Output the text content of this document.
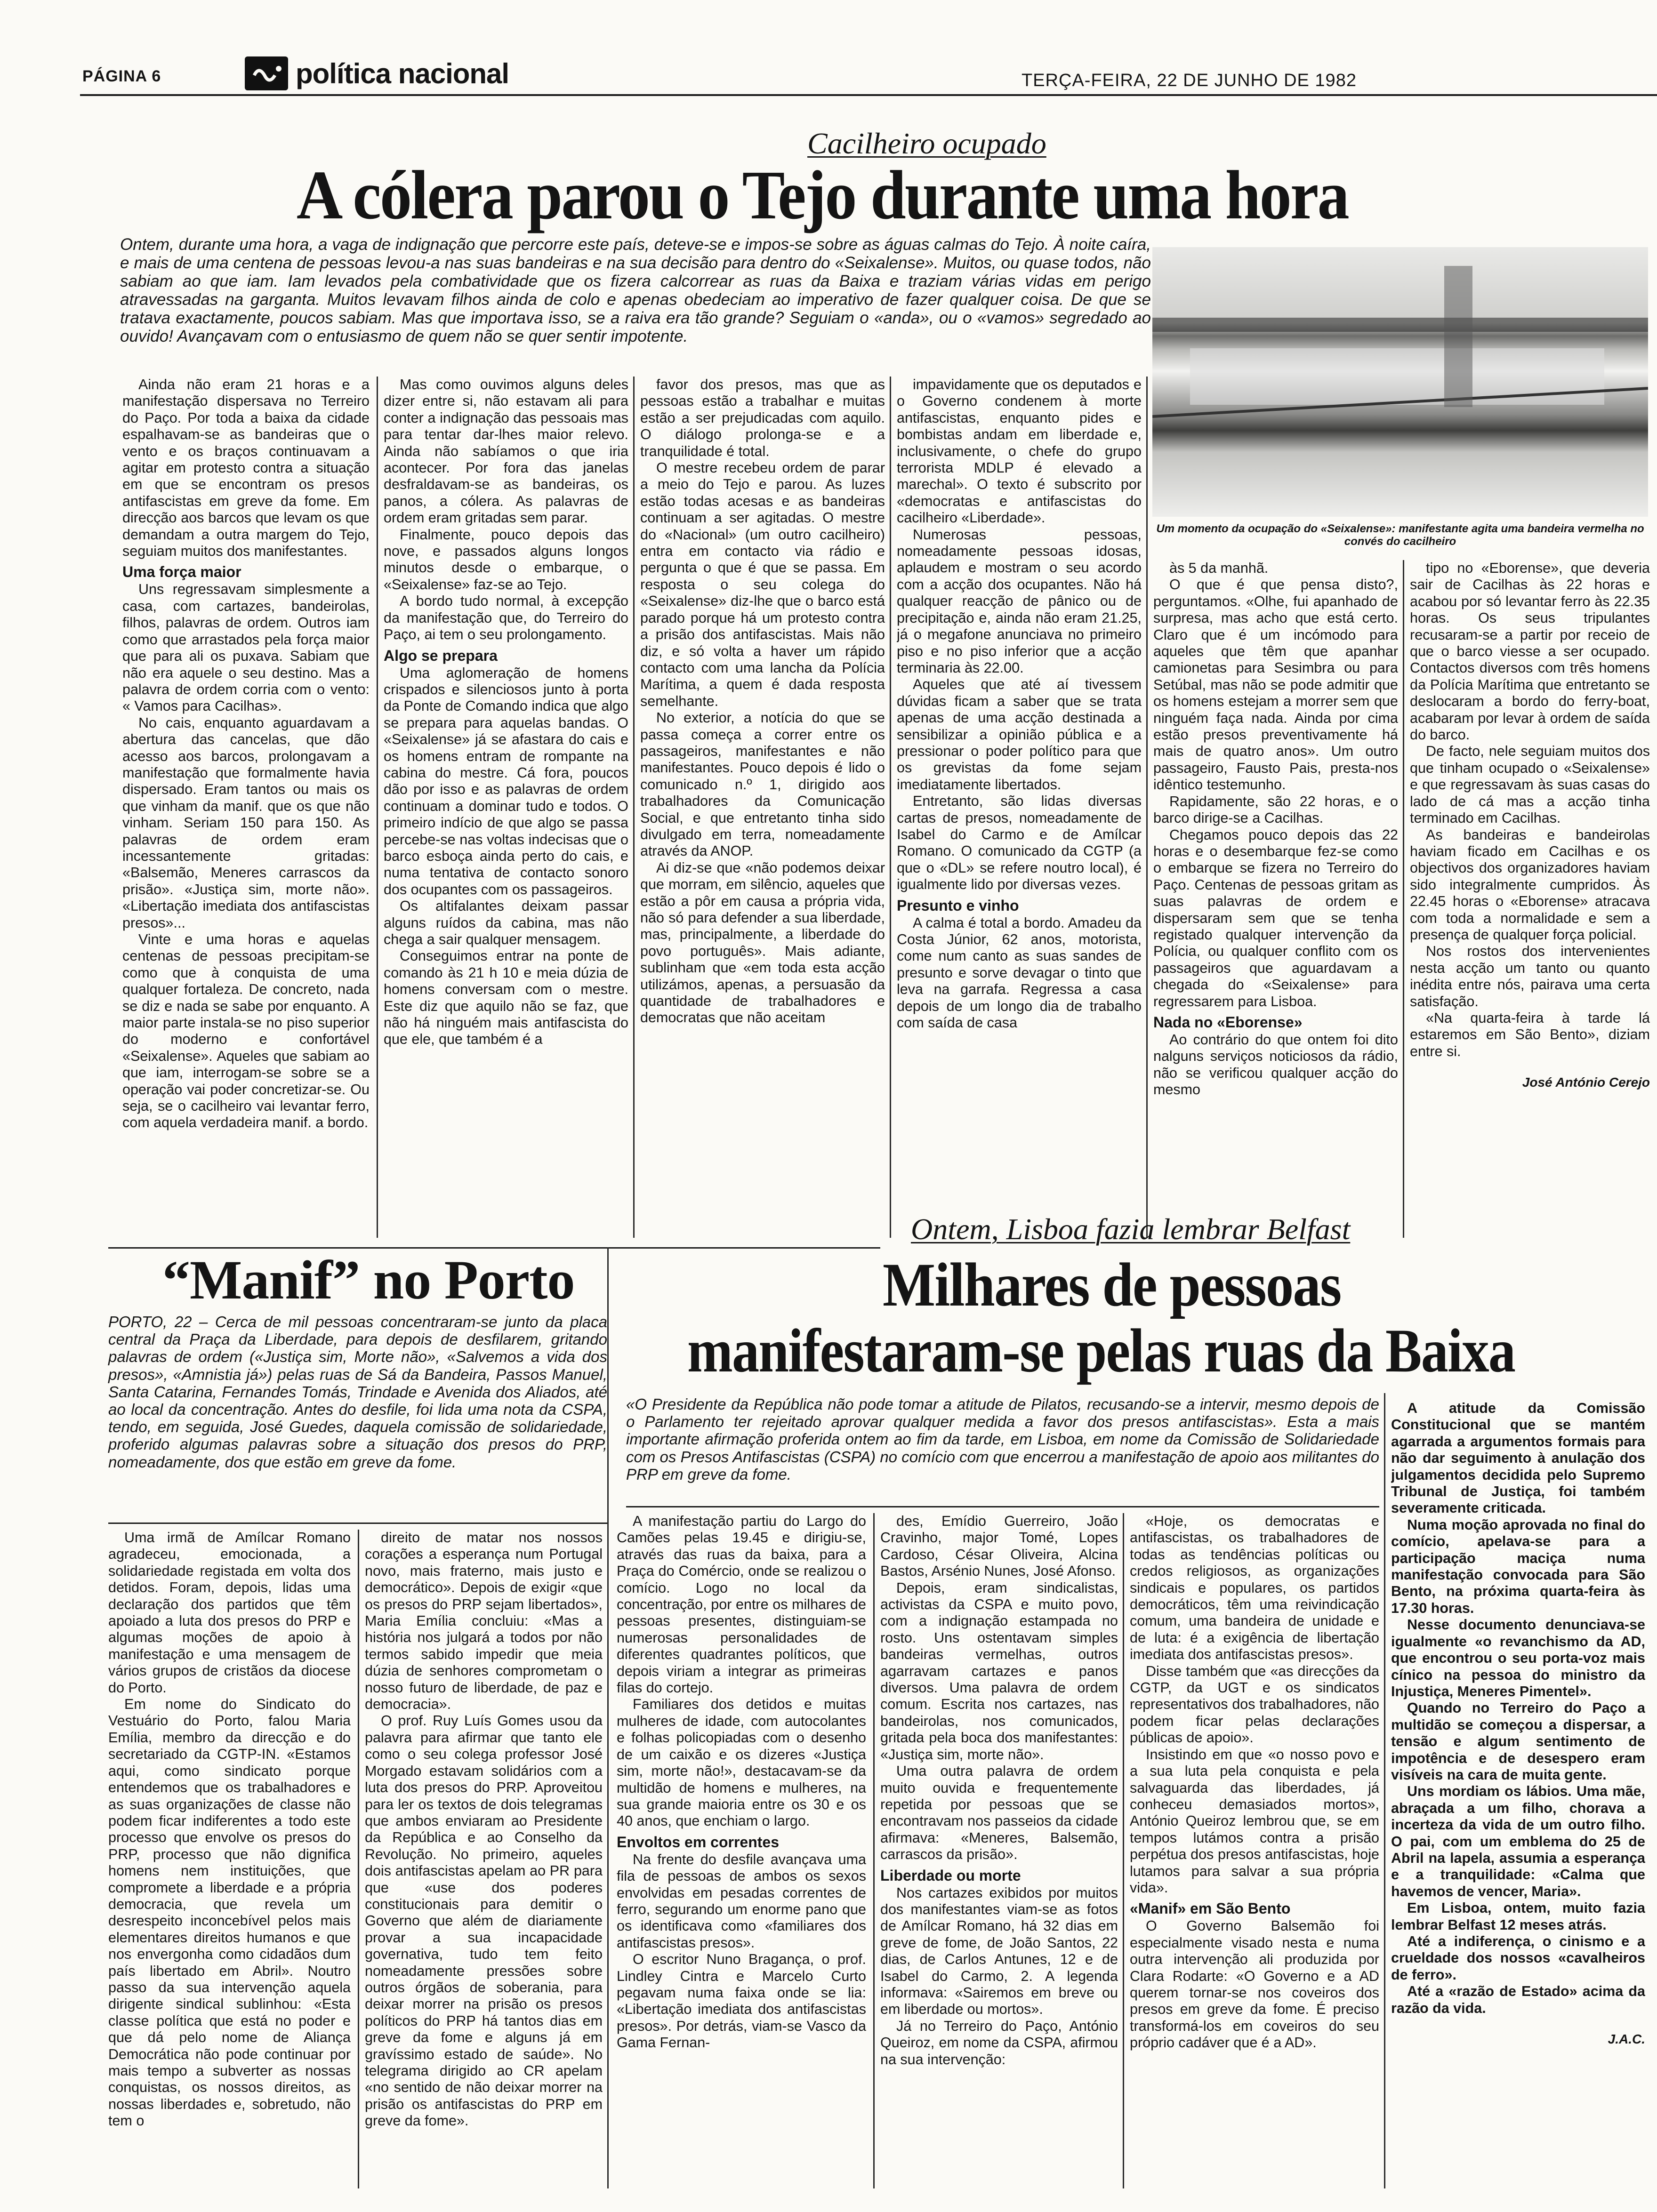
PÁGINA 6	política nacional	TERÇA-FEIRA, 22 DE JUNHO DE 1982
Cacilheiro ocupado
A cólera parou o Tejo durante uma hora
Ontem, durante uma hora, a vaga de indignação que percorre este país, deteve-se e impos-se sobre as águas calmas do Tejo. À noite caíra, e mais de uma centena de pessoas levou-a nas suas bandeiras e na sua decisão para dentro do «Seixalense». Muitos, ou quase todos, não sabiam ao que iam. Iam levados pela combatividade que os fizera calcorrear as ruas da Baixa e traziam várias vidas em perigo atravessadas na garganta. Muitos levavam filhos ainda de colo e apenas obedeciam ao imperativo de fazer qualquer coisa. De que se tratava exactamente, poucos sabiam. Mas que importava isso, se a raiva era tão grande? Seguiam o «anda», ou o «vamos» segredado ao ouvido! Avançavam com o entusiasmo de quem não se quer sentir impotente.
Um momento da ocupação do «Seixalense»: manifestante agita uma bandeira vermelha no convés do cacilheiro

Ainda não eram 21 horas e a manifestação dispersava no Terreiro do Paço. Por toda a baixa da cidade espalhavam-se as bandeiras que o vento e os braços continuavam a agitar em protesto contra a situação em que se encontram os presos antifascistas em greve da fome. Em direcção aos barcos que levam os que demandam a outra margem do Tejo, seguiam muitos dos manifestantes.

Uma força maior

Uns regressavam simplesmente a casa, com cartazes, bandeirolas, filhos, palavras de ordem. Outros iam como que arrastados pela força maior que para ali os puxava. Sabiam que não era aquele o seu destino. Mas a palavra de ordem corria com o vento: « Vamos para Cacilhas».

No cais, enquanto aguardavam a abertura das cancelas, que dão acesso aos barcos, prolongavam a manifestação que formalmente havia dispersado. Eram tantos ou mais os que vinham da manif. que os que não vinham. Seriam 150 para 150. As palavras de ordem eram incessantemente gritadas: «Balsemão, Meneres carrascos da prisão». «Justiça sim, morte não». «Libertação imediata dos antifascistas presos»...

Vinte e uma horas e aquelas centenas de pessoas precipitam-se como que à conquista de uma qualquer fortaleza. De concreto, nada se diz e nada se sabe por enquanto. A maior parte instala-se no piso superior do moderno e confortável «Seixalense». Aqueles que sabiam ao que iam, interrogam-se sobre se a operação vai poder concretizar-se. Ou seja, se o cacilheiro vai levantar ferro, com aquela verdadeira manif. a bordo.

Mas como ouvimos alguns deles dizer entre si, não estavam ali para conter a indignação das pessoais mas para tentar dar-lhes maior relevo. Ainda não sabíamos o que iria acontecer. Por fora das janelas desfraldavam-se as bandeiras, os panos, a cólera. As palavras de ordem eram gritadas sem parar.

Finalmente, pouco depois das nove, e passados alguns longos minutos desde o embarque, o «Seixalense» faz-se ao Tejo.

A bordo tudo normal, à excepção da manifestação que, do Terreiro do Paço, ai tem o seu prolongamento.

Algo se prepara

Uma aglomeração de homens crispados e silenciosos junto à porta da Ponte de Comando indica que algo se prepara para aquelas bandas. O «Seixalense» já se afastara do cais e os homens entram de rompante na cabina do mestre. Cá fora, poucos dão por isso e as palavras de ordem continuam a dominar tudo e todos. O primeiro indício de que algo se passa percebe-se nas voltas indecisas que o barco esboça ainda perto do cais, e numa tentativa de contacto sonoro dos ocupantes com os passageiros.

Os altifalantes deixam passar alguns ruídos da cabina, mas não chega a sair qualquer mensagem.

Conseguimos entrar na ponte de comando às 21 h 10 e meia dúzia de homens conversam com o mestre. Este diz que aquilo não se faz, que não há ninguém mais antifascista do que ele, que também é a

favor dos presos, mas que as pessoas estão a trabalhar e muitas estão a ser prejudicadas com aquilo. O diálogo prolonga-se e a tranquilidade é total.

O mestre recebeu ordem de parar a meio do Tejo e parou. As luzes estão todas acesas e as bandeiras continuam a ser agitadas. O mestre do «Nacional» (um outro cacilheiro) entra em contacto via rádio e pergunta o que é que se passa. Em resposta o seu colega do «Seixalense» diz-lhe que o barco está parado porque há um protesto contra a prisão dos antifascistas. Mais não diz, e só volta a haver um rápido contacto com uma lancha da Polícia Marítima, a quem é dada resposta semelhante.

No exterior, a notícia do que se passa começa a correr entre os passageiros, manifestantes e não manifestantes. Pouco depois é lido o comunicado n.º 1, dirigido aos trabalhadores da Comunicação Social, e que entretanto tinha sido divulgado em terra, nomeadamente através da ANOP.

Ai diz-se que «não podemos deixar que morram, em silêncio, aqueles que estão a pôr em causa a própria vida, não só para defender a sua liberdade, mas, principalmente, a liberdade do povo português». Mais adiante, sublinham que «em toda esta acção utilizámos, apenas, a persuasão da quantidade de trabalhadores e democratas que não aceitam

impavidamente que os deputados e o Governo condenem à morte antifascistas, enquanto pides e bombistas andam em liberdade e, inclusivamente, o chefe do grupo terrorista MDLP é elevado a marechal». O texto é subscrito por «democratas e antifascistas do cacilheiro «Liberdade».

Numerosas pessoas, nomeadamente pessoas idosas, aplaudem e mostram o seu acordo com a acção dos ocupantes. Não há qualquer reacção de pânico ou de precipitação e, ainda não eram 21.25, já o megafone anunciava no primeiro piso e no piso inferior que a acção terminaria às 22.00.

Aqueles que até aí tivessem dúvidas ficam a saber que se trata apenas de uma acção destinada a sensibilizar a opinião pública e a pressionar o poder político para que os grevistas da fome sejam imediatamente libertados.

Entretanto, são lidas diversas cartas de presos, nomeadamente de Isabel do Carmo e de Amílcar Romano. O comunicado da CGTP (a que o «DL» se refere noutro local), é igualmente lido por diversas vezes.

Presunto e vinho

A calma é total a bordo. Amadeu da Costa Júnior, 62 anos, motorista, come num canto as suas sandes de presunto e sorve devagar o tinto que leva na garrafa. Regressa a casa depois de um longo dia de trabalho com saída de casa

às 5 da manhã.

O que é que pensa disto?, perguntamos. «Olhe, fui apanhado de surpresa, mas acho que está certo. Claro que é um incómodo para aqueles que têm que apanhar camionetas para Sesimbra ou para Setúbal, mas não se pode admitir que os homens estejam a morrer sem que ninguém faça nada. Ainda por cima estão presos preventivamente há mais de quatro anos». Um outro passageiro, Fausto Pais, presta-nos idêntico testemunho.

Rapidamente, são 22 horas, e o barco dirige-se a Cacilhas.

Chegamos pouco depois das 22 horas e o desembarque fez-se como o embarque se fizera no Terreiro do Paço. Centenas de pessoas gritam as suas palavras de ordem e dispersaram sem que se tenha registado qualquer intervenção da Polícia, ou qualquer conflito com os passageiros que aguardavam a chegada do «Seixalense» para regressarem para Lisboa.

Nada no «Eborense»

Ao contrário do que ontem foi dito nalguns serviços noticiosos da rádio, não se verificou qualquer acção do mesmo

tipo no «Eborense», que deveria sair de Cacilhas às 22 horas e acabou por só levantar ferro às 22.35 horas. Os seus tripulantes recusaram-se a partir por receio de que o barco viesse a ser ocupado. Contactos diversos com três homens da Polícia Marítima que entretanto se deslocaram a bordo do ferry-boat, acabaram por levar à ordem de saída do barco.

De facto, nele seguiam muitos dos que tinham ocupado o «Seixalense» e que regressavam às suas casas do lado de cá mas a acção tinha terminado em Cacilhas.

As bandeiras e bandeirolas haviam ficado em Cacilhas e os objectivos dos organizadores haviam sido integralmente cumpridos. Às 22.45 horas o «Eborense» atracava com toda a normalidade e sem a presença de qualquer força policial.

Nos rostos dos intervenientes nesta acção um tanto ou quanto inédita entre nós, pairava uma certa satisfação.

«Na quarta-feira à tarde lá estaremos em São Bento», diziam entre si.

José António Cerejo

“Manif” no Porto
PORTO, 22 – Cerca de mil pessoas concentraram-se junto da placa central da Praça da Liberdade, para depois de desfilarem, gritando palavras de ordem («Justiça sim, Morte não», «Salvemos a vida dos presos», «Amnistia já») pelas ruas de Sá da Bandeira, Passos Manuel, Santa Catarina, Fernandes Tomás, Trindade e Avenida dos Aliados, até ao local da concentração. Antes do desfile, foi lida uma nota da CSPA, tendo, em seguida, José Guedes, daquela comissão de solidariedade, proferido algumas palavras sobre a situação dos presos do PRP, nomeadamente, dos que estão em greve da fome.

Uma irmã de Amílcar Romano agradeceu, emocionada, a solidariedade registada em volta dos detidos. Foram, depois, lidas uma declaração dos partidos que têm apoiado a luta dos presos do PRP e algumas moções de apoio à manifestação e uma mensagem de vários grupos de cristãos da diocese do Porto.

Em nome do Sindicato do Vestuário do Porto, falou Maria Emília, membro da direcção e do secretariado da CGTP-IN. «Estamos aqui, como sindicato porque entendemos que os trabalhadores e as suas organizações de classe não podem ficar indiferentes a todo este processo que envolve os presos do PRP, processo que não dignifica homens nem instituições, que compromete a liberdade e a própria democracia, que revela um desrespeito inconcebível pelos mais elementares direitos humanos e que nos envergonha como cidadãos dum país libertado em Abril». Noutro passo da sua intervenção aquela dirigente sindical sublinhou: «Esta classe política que está no poder e que dá pelo nome de Aliança Democrática não pode continuar por mais tempo a subverter as nossas conquistas, os nossos direitos, as nossas liberdades e, sobretudo, não tem o

direito de matar nos nossos corações a esperança num Portugal novo, mais fraterno, mais justo e democrático». Depois de exigir «que os presos do PRP sejam libertados», Maria Emília concluiu: «Mas a história nos julgará a todos por não termos sabido impedir que meia dúzia de senhores comprometam o nosso futuro de liberdade, de paz e democracia».

O prof. Ruy Luís Gomes usou da palavra para afirmar que tanto ele como o seu colega professor José Morgado estavam solidários com a luta dos presos do PRP. Aproveitou para ler os textos de dois telegramas que ambos enviaram ao Presidente da República e ao Conselho da Revolução. No primeiro, aqueles dois antifascistas apelam ao PR para que «use dos poderes constitucionais para demitir o Governo que além de diariamente provar a sua incapacidade governativa, tudo tem feito nomeadamente pressões sobre outros órgãos de soberania, para deixar morrer na prisão os presos políticos do PRP há tantos dias em greve da fome e alguns já em gravíssimo estado de saúde». No telegrama dirigido ao CR apelam «no sentido de não deixar morrer na prisão os antifascistas do PRP em greve da fome».

Ontem, Lisboa fazia lembrar Belfast
Milhares de pessoas
manifestaram-se pelas ruas da Baixa
«O Presidente da República não pode tomar a atitude de Pilatos, recusando-se a intervir, mesmo depois de o Parlamento ter rejeitado aprovar qualquer medida a favor dos presos antifascistas». Esta a mais importante afirmação proferida ontem ao fim da tarde, em Lisboa, em nome da Comissão de Solidariedade com os Presos Antifascistas (CSPA) no comício com que encerrou a manifestação de apoio aos militantes do PRP em greve da fome.

A manifestação partiu do Largo do Camões pelas 19.45 e dirigiu-se, através das ruas da baixa, para a Praça do Comércio, onde se realizou o comício. Logo no local da concentração, por entre os milhares de pessoas presentes, distinguiam-se numerosas personalidades de diferentes quadrantes políticos, que depois viriam a integrar as primeiras filas do cortejo.

Familiares dos detidos e muitas mulheres de idade, com autocolantes e folhas policopiadas com o desenho de um caixão e os dizeres «Justiça sim, morte não!», destacavam-se da multidão de homens e mulheres, na sua grande maioria entre os 30 e os 40 anos, que enchiam o largo.

Envoltos em correntes

Na frente do desfile avançava uma fila de pessoas de ambos os sexos envolvidas em pesadas correntes de ferro, segurando um enorme pano que os identificava como «familiares dos antifascistas presos».

O escritor Nuno Bragança, o prof. Lindley Cintra e Marcelo Curto pegavam numa faixa onde se lia: «Libertação imediata dos antifascistas presos». Por detrás, viam-se Vasco da Gama Fernan-

des, Emídio Guerreiro, João Cravinho, major Tomé, Lopes Cardoso, César Oliveira, Alcina Bastos, Arsénio Nunes, José Afonso.

Depois, eram sindicalistas, activistas da CSPA e muito povo, com a indignação estampada no rosto. Uns ostentavam simples bandeiras vermelhas, outros agarravam cartazes e panos diversos. Uma palavra de ordem comum. Escrita nos cartazes, nas bandeirolas, nos comunicados, gritada pela boca dos manifestantes: «Justiça sim, morte não».

Uma outra palavra de ordem muito ouvida e frequentemente repetida por pessoas que se encontravam nos passeios da cidade afirmava: «Meneres, Balsemão, carrascos da prisão».

Liberdade ou morte

Nos cartazes exibidos por muitos dos manifestantes viam-se as fotos de Amílcar Romano, há 32 dias em greve de fome, de João Santos, 22 dias, de Carlos Antunes, 12 e de Isabel do Carmo, 2. A legenda informava: «Sairemos em breve ou em liberdade ou mortos».

Já no Terreiro do Paço, António Queiroz, em nome da CSPA, afirmou na sua intervenção:

«Hoje, os democratas e antifascistas, os trabalhadores de todas as tendências políticas ou credos religiosos, as organizações sindicais e populares, os partidos democráticos, têm uma reivindicação comum, uma bandeira de unidade e de luta: é a exigência de libertação imediata dos antifascistas presos».

Disse também que «as direcções da CGTP, da UGT e os sindicatos representativos dos trabalhadores, não podem ficar pelas declarações públicas de apoio».

Insistindo em que «o nosso povo e a sua luta pela conquista e pela salvaguarda das liberdades, já conheceu demasiados mortos», António Queiroz lembrou que, se em tempos lutámos contra a prisão perpétua dos presos antifascistas, hoje lutamos para salvar a sua própria vida».

«Manif» em São Bento

O Governo Balsemão foi especialmente visado nesta e numa outra intervenção ali produzida por Clara Rodarte: «O Governo e a AD querem tornar-se nos coveiros dos presos em greve da fome. É preciso transformá-los em coveiros do seu próprio cadáver que é a AD».

A atitude da Comissão Constitucional que se mantém agarrada a argumentos formais para não dar seguimento à anulação dos julgamentos decidida pelo Supremo Tribunal de Justiça, foi também severamente criticada.

Numa moção aprovada no final do comício, apelava-se para a participação maciça numa manifestação convocada para São Bento, na próxima quarta-feira às 17.30 horas.

Nesse documento denunciava-se igualmente «o revanchismo da AD, que encontrou o seu porta-voz mais cínico na pessoa do ministro da Injustiça, Meneres Pimentel».

Quando no Terreiro do Paço a multidão se começou a dispersar, a tensão e algum sentimento de impotência e de desespero eram visíveis na cara de muita gente.

Uns mordiam os lábios. Uma mãe, abraçada a um filho, chorava a incerteza da vida de um outro filho. O pai, com um emblema do 25 de Abril na lapela, assumia a esperança e a tranquilidade: «Calma que havemos de vencer, Maria».

Em Lisboa, ontem, muito fazia lembrar Belfast 12 meses atrás.

Até a indiferença, o cinismo e a crueldade dos nossos «cavalheiros de ferro».

Até a «razão de Estado» acima da razão da vida.

J.A.C.
